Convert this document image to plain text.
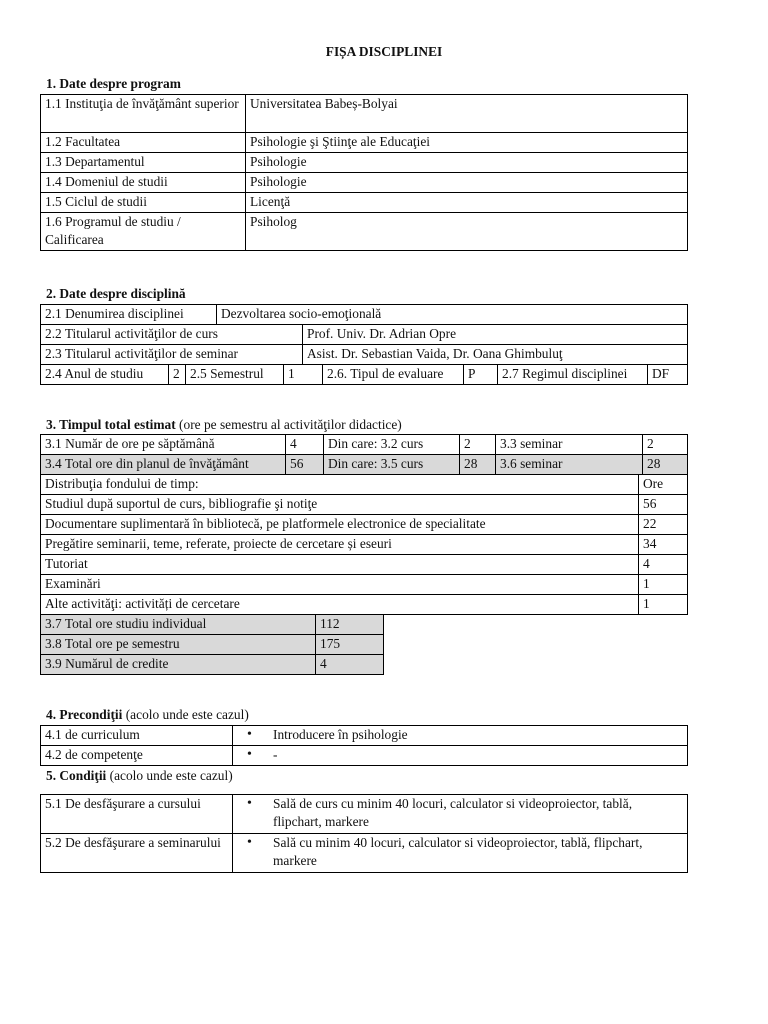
FIȘA DISCIPLINEI
1. Date despre program
1.1 Instituţia de învăţământ superior	Universitatea Babeș-Bolyai
1.2 Facultatea	Psihologie şi Ştiinţe ale Educaţiei
1.3 Departamentul	Psihologie
1.4 Domeniul de studii	Psihologie
1.5 Ciclul de studii	Licenţă
1.6 Programul de studiu / Calificarea	Psiholog
2. Date despre disciplină
2.1 Denumirea disciplinei	Dezvoltarea socio-emoţională
2.2 Titularul activităţilor de curs	Prof. Univ. Dr. Adrian Opre
2.3 Titularul activităţilor de seminar	Asist. Dr. Sebastian Vaida, Dr. Oana Ghimbuluţ
2.4 Anul de studiu	2	2.5 Semestrul	1	2.6. Tipul de evaluare	P	2.7 Regimul disciplinei	DF
3. Timpul total estimat (ore pe semestru al activităţilor didactice)
3.1 Număr de ore pe săptămână	4	Din care: 3.2 curs	2	3.3 seminar	2
3.4 Total ore din planul de învăţământ	56	Din care: 3.5 curs	28	3.6 seminar	28
Distribuţia fondului de timp:	Ore
Studiul după suportul de curs, bibliografie şi notiţe	56
Documentare suplimentară în bibliotecă, pe platformele electronice de specialitate	22
Pregătire seminarii, teme, referate, proiecte de cercetare și eseuri	34
Tutoriat	4
Examinări	1
Alte activităţi: activități de cercetare	1
3.7 Total ore studiu individual	112
3.8 Total ore pe semestru	175
3.9 Numărul de credite	4
4. Precondiţii (acolo unde este cazul)
4.1 de curriculum	• Introducere în psihologie
4.2 de competenţe	• -
5. Condiţii (acolo unde este cazul)
5.1 De desfăşurare a cursului	• Sală de curs cu minim 40 locuri, calculator si videoproiector, tablă, flipchart, markere
5.2 De desfăşurare a seminarului	• Sală cu minim 40 locuri, calculator si videoproiector, tablă, flipchart, markere
